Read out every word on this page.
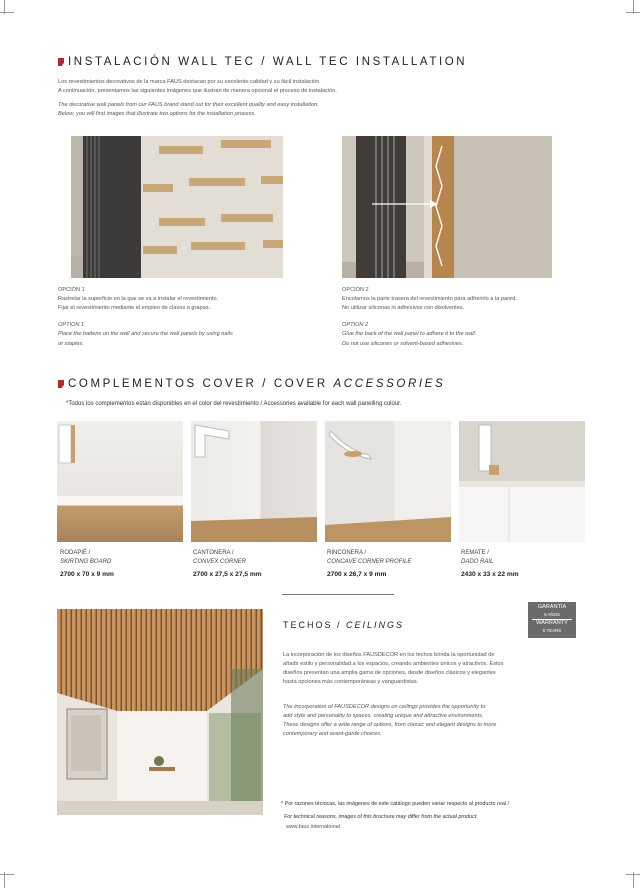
INSTALACIÓN WALL TEC / WALL TEC INSTALLATION
Los revestimientos decorativos de la marca FAUS destacan por su excelente calidad y su fácil instalación.
A continuación, presentamos las siguientes imágenes que ilustran de manera opcional el proceso de instalación.
The decorative wall panels from our FAUS brand stand out for their excellent quality and easy installation.
Below, you will find images that illustrate two options for the installation process.
OPCIÓN 1
Rastrelar la superficie en la que se va a instalar el revestimiento.
Fijar el revestimiento mediante el empleo de clavos o grapas.
OPTION 1
Place the battens on the wall and secure the wall panels by using nails
or staples.
OPCIÓN 2
Encolamos la parte trasera del revestimiento para adherirlo a la pared.
No utilizar siliconas ni adhesivos con disolventes.
OPTION 2
Glue the back of the wall panel to adhere it to the wall.
Do not use silicones or solvent-based adhesives.
COMPLEMENTOS COVER / COVER ACCESSORIES
*Todos los complementos están disponibles en el color del revestimiento / Accessories available for each wall panelling colour.
RODAPIÉ /
SKIRTING BOARD
2700 x 70 x 9 mm
CANTONERA /
CONVEX CORNER
2700 x 27,5 x 27,5 mm
RINCONERA /
CONCAVE CORNER PROFILE
2700 x 26,7 x 9 mm
REMATE /
DADO RAIL
2430 x 33 x 22 mm
TECHOS / CEILINGS
GARANTÍA
5 AÑOS
WARRANTY
5 YEARS
La incorporación de los diseños FAUSDECOR en los techos brinda la oportunidad de
añadir estilo y personalidad a los espacios, creando ambientes únicos y atractivos. Estos
diseños presentan una amplia gama de opciones, desde diseños clásicos y elegantes
hasta opciones más contemporáneas y vanguardistas.
The incorporation of FAUSDECOR designs on ceilings provides the opportunity to
add style and personality to spaces, creating unique and attractive environments.
These designs offer a wide range of options, from classic and elegant designs to more
contemporary and avant-garde choices.
* Por razones técnicas, las imágenes de este catálogo pueden variar respecto al producto real /
For technical reasons, images of this brochure may differ from the actual product.
www.faus.international
